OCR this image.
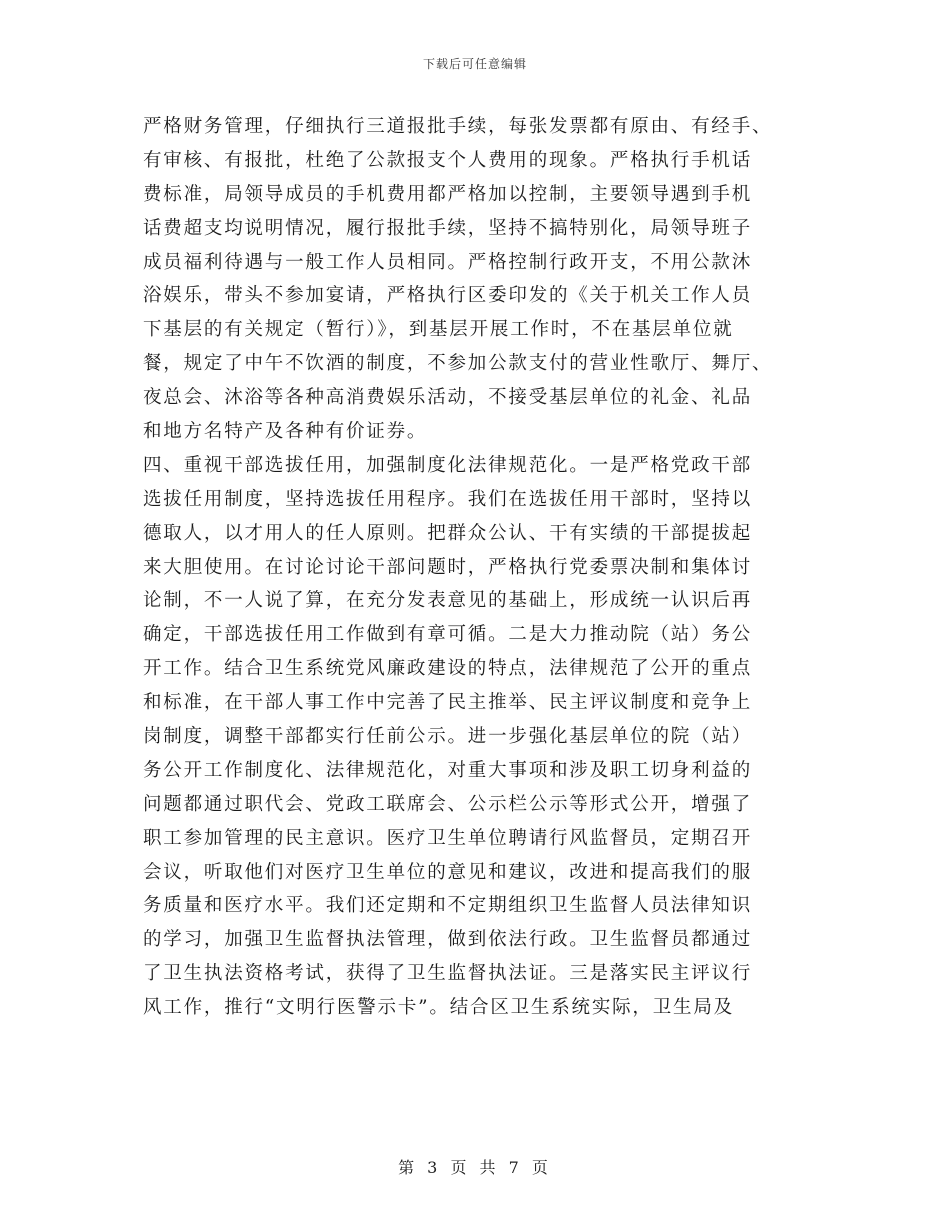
下载后可任意编辑
严格财务管理，仔细执行三道报批手续，每张发票都有原由、有经手、
有审核、有报批，杜绝了公款报支个人费用的现象。严格执行手机话
费标准，局领导成员的手机费用都严格加以控制，主要领导遇到手机
话费超支均说明情况，履行报批手续，坚持不搞特别化，局领导班子
成员福利待遇与一般工作人员相同。严格控制行政开支，不用公款沐
浴娱乐，带头不参加宴请，严格执行区委印发的《关于机关工作人员
下基层的有关规定（暂行）》，到基层开展工作时，不在基层单位就
餐，规定了中午不饮酒的制度，不参加公款支付的营业性歌厅、舞厅、
夜总会、沐浴等各种高消费娱乐活动，不接受基层单位的礼金、礼品
和地方名特产及各种有价证券。
四、重视干部选拔任用，加强制度化法律规范化。一是严格党政干部
选拔任用制度，坚持选拔任用程序。我们在选拔任用干部时，坚持以
德取人，以才用人的任人原则。把群众公认、干有实绩的干部提拔起
来大胆使用。在讨论讨论干部问题时，严格执行党委票决制和集体讨
论制，不一人说了算，在充分发表意见的基础上，形成统一认识后再
确定，干部选拔任用工作做到有章可循。二是大力推动院（站）务公
开工作。结合卫生系统党风廉政建设的特点，法律规范了公开的重点
和标准，在干部人事工作中完善了民主推举、民主评议制度和竞争上
岗制度，调整干部都实行任前公示。进一步强化基层单位的院（站）
务公开工作制度化、法律规范化，对重大事项和涉及职工切身利益的
问题都通过职代会、党政工联席会、公示栏公示等形式公开，增强了
职工参加管理的民主意识。医疗卫生单位聘请行风监督员，定期召开
会议，听取他们对医疗卫生单位的意见和建议，改进和提高我们的服
务质量和医疗水平。我们还定期和不定期组织卫生监督人员法律知识
的学习，加强卫生监督执法管理，做到依法行政。卫生监督员都通过
了卫生执法资格考试，获得了卫生监督执法证。三是落实民主评议行
风工作，推行“文明行医警示卡”。结合区卫生系统实际，卫生局及
第 3 页 共 7 页
